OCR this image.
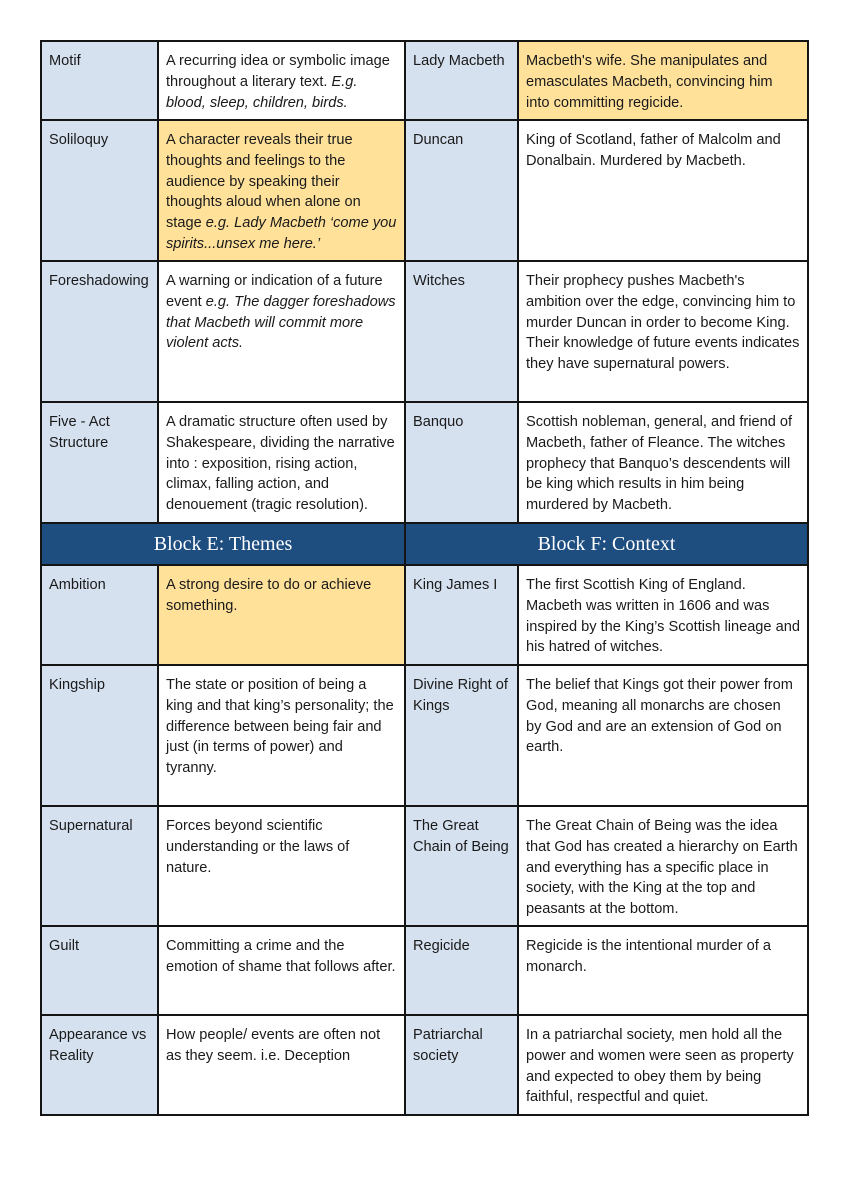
Motif	A recurring idea or symbolic image throughout a literary text. E.g. blood, sleep, children, birds.	Lady Macbeth	Macbeth's wife. She manipulates and emasculates Macbeth, convincing him into committing regicide.
Soliloquy	A character reveals their true thoughts and feelings to the audience by speaking their thoughts aloud when alone on stage e.g. Lady Macbeth ‘come you spirits...unsex me here.’	Duncan	King of Scotland, father of Malcolm and Donalbain. Murdered by Macbeth.
Foreshadowing	A warning or indication of a future event e.g. The dagger foreshadows that Macbeth will commit more violent acts.	Witches	Their prophecy pushes Macbeth's ambition over the edge, convincing him to murder Duncan in order to become King. Their knowledge of future events indicates they have supernatural powers.
Five - Act Structure	A dramatic structure often used by Shakespeare, dividing the narrative into : exposition, rising action, climax, falling action, and denouement (tragic resolution).	Banquo	Scottish nobleman, general, and friend of Macbeth, father of Fleance. The witches prophecy that Banquo’s descendents will be king which results in him being murdered by Macbeth.
Block E: Themes		Block F: Context	
Ambition	A strong desire to do or achieve something.	King James I	The first Scottish King of England. Macbeth was written in 1606 and was inspired by the King’s Scottish lineage and his hatred of witches.
Kingship	The state or position of being a king and that king’s personality; the difference between being fair and just (in terms of power) and tyranny.	Divine Right of Kings	The belief that Kings got their power from God, meaning all monarchs are chosen by God and are an extension of God on earth.
Supernatural	Forces beyond scientific understanding or the laws of nature.	The Great Chain of Being	The Great Chain of Being was the idea that God has created a hierarchy on Earth and everything has a specific place in society, with the King at the top and peasants at the bottom.
Guilt	Committing a crime and the emotion of shame that follows after.	Regicide	Regicide is the intentional murder of a monarch.
Appearance vs Reality	How people/ events are often not as they seem. i.e. Deception	Patriarchal society	In a patriarchal society, men hold all the power and women were seen as property and expected to obey them by being faithful, respectful and quiet.
